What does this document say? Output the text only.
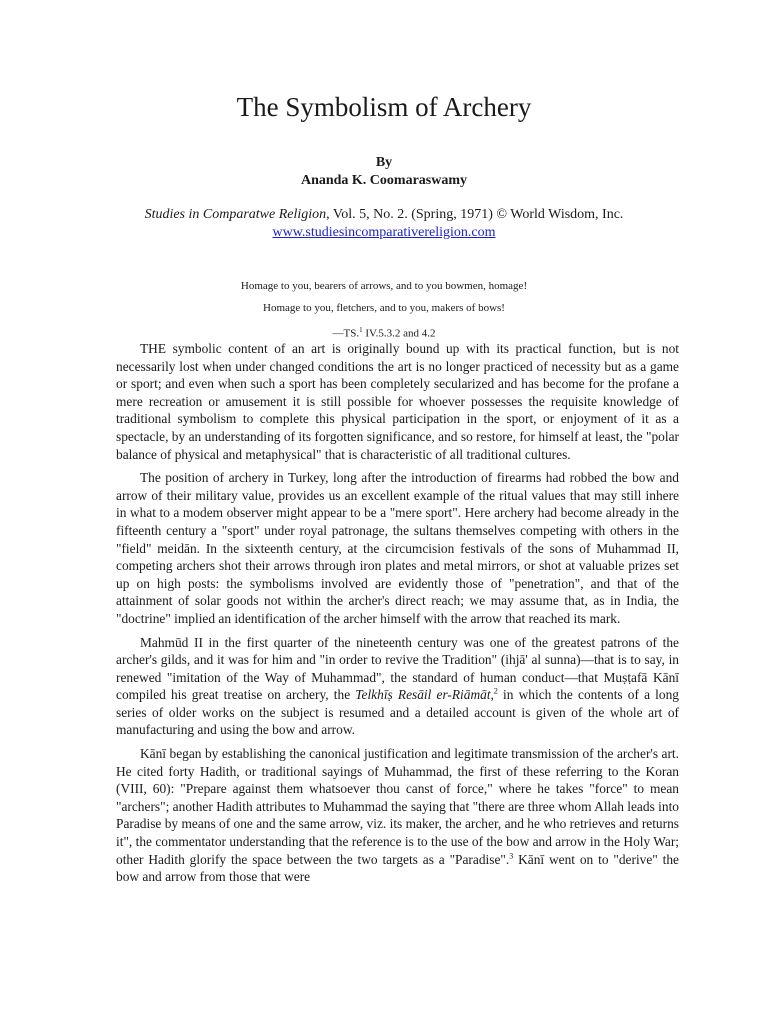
The Symbolism of Archery
By
Ananda K. Coomaraswamy
Studies in Comparatwe Religion, Vol. 5, No. 2. (Spring, 1971) © World Wisdom, Inc.
www.studiesincomparativereligion.com
Homage to you, bearers of arrows, and to you bowmen, homage!
Homage to you, fletchers, and to you, makers of bows!
—TS.$^1$ IV.5.3.2 and 4.2

THE symbolic content of an art is originally bound up with its practical function, but is not necessarily lost when under changed conditions the art is no longer practiced of necessity but as a game or sport; and even when such a sport has been completely secularized and has become for the profane a mere recreation or amusement it is still possible for whoever possesses the requisite knowledge of traditional symbolism to complete this physical participation in the sport, or enjoyment of it as a spectacle, by an understanding of its forgotten significance, and so restore, for himself at least, the "polar balance of physical and metaphysical" that is characteristic of all traditional cultures.

The position of archery in Turkey, long after the introduction of firearms had robbed the bow and arrow of their military value, provides us an excellent example of the ritual values that may still inhere in what to a modem observer might appear to be a "mere sport". Here archery had become already in the fifteenth century a "sport" under royal patronage, the sultans themselves competing with others in the "field" meidān. In the sixteenth century, at the circumcision festivals of the sons of Muhammad II, competing archers shot their arrows through iron plates and metal mirrors, or shot at valuable prizes set up on high posts: the symbolisms involved are evidently those of "penetration", and that of the attainment of solar goods not within the archer's direct reach; we may assume that, as in India, the "doctrine" implied an identification of the archer himself with the arrow that reached its mark.

Mahmūd II in the first quarter of the nineteenth century was one of the greatest patrons of the archer's gilds, and it was for him and "in order to revive the Tradition" (ihjā' al sunna)—that is to say, in renewed "imitation of the Way of Muhammad", the standard of human conduct—that Muṣṭafā Kānī compiled his great treatise on archery, the Telkhīṣ Resāil er-Riāmāt,$^2$ in which the contents of a long series of older works on the subject is resumed and a detailed account is given of the whole art of manufacturing and using the bow and arrow.

Kānī began by establishing the canonical justification and legitimate transmission of the archer's art. He cited forty Hadith, or traditional sayings of Muhammad, the first of these referring to the Koran (VIII, 60): "Prepare against them whatsoever thou canst of force," where he takes "force" to mean "archers"; another Hadith attributes to Muhammad the saying that "there are three whom Allah leads into Paradise by means of one and the same arrow, viz. its maker, the archer, and he who retrieves and returns it", the commentator understanding that the reference is to the use of the bow and arrow in the Holy War; other Hadith glorify the space between the two targets as a "Paradise".$^3$ Kānī went on to "derive" the bow and arrow from those that were
